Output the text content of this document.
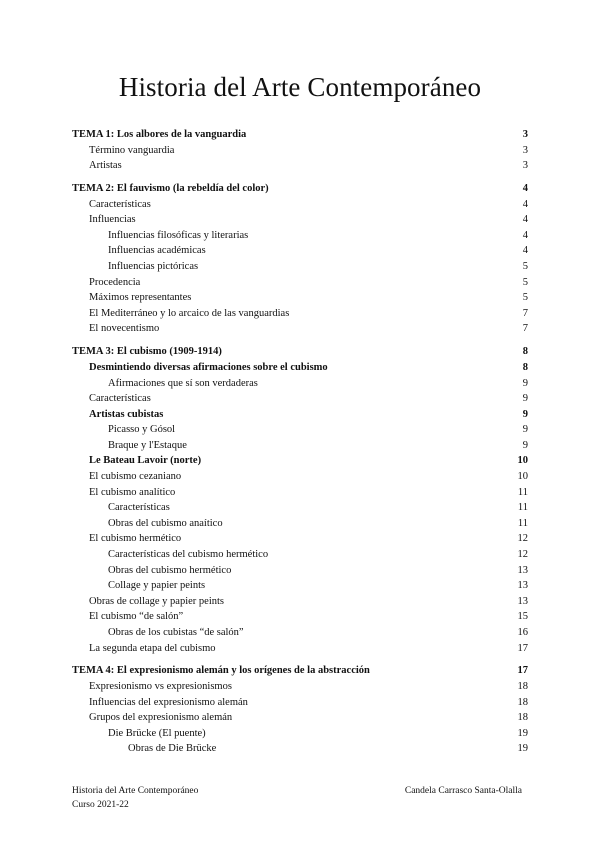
Historia del Arte Contemporáneo
TEMA 1: Los albores de la vanguardia	3
Término vanguardia	3
Artistas	3
TEMA 2: El fauvismo (la rebeldía del color)	4
Características	4
Influencias	4
Influencias filosóficas y literarias	4
Influencias académicas	4
Influencias pictóricas	5
Procedencia	5
Máximos representantes	5
El Mediterráneo y lo arcaico de las vanguardias	7
El novecentismo	7
TEMA 3: El cubismo (1909-1914)	8
Desmintiendo diversas afirmaciones sobre el cubismo	8
Afirmaciones que sí son verdaderas	9
Características	9
Artistas cubistas	9
Picasso y Gósol	9
Braque y l'Estaque	9
Le Bateau Lavoir (norte)	10
El cubismo cezaniano	10
El cubismo analítico	11
Características	11
Obras del cubismo anaítico	11
El cubismo hermético	12
Características del cubismo hermético	12
Obras del cubismo hermético	13
Collage y papier peints	13
Obras de collage y papier peints	13
El cubismo “de salón”	15
Obras de los cubistas “de salón”	16
La segunda etapa del cubismo	17
TEMA 4: El expresionismo alemán y los orígenes de la abstracción	17
Expresionismo vs expresionismos	18
Influencias del expresionismo alemán	18
Grupos del expresionismo alemán	18
Die Brücke (El puente)	19
Obras de Die Brücke	19
Historia del Arte Contemporáneo
Curso 2021-22
Candela Carrasco Santa-Olalla
